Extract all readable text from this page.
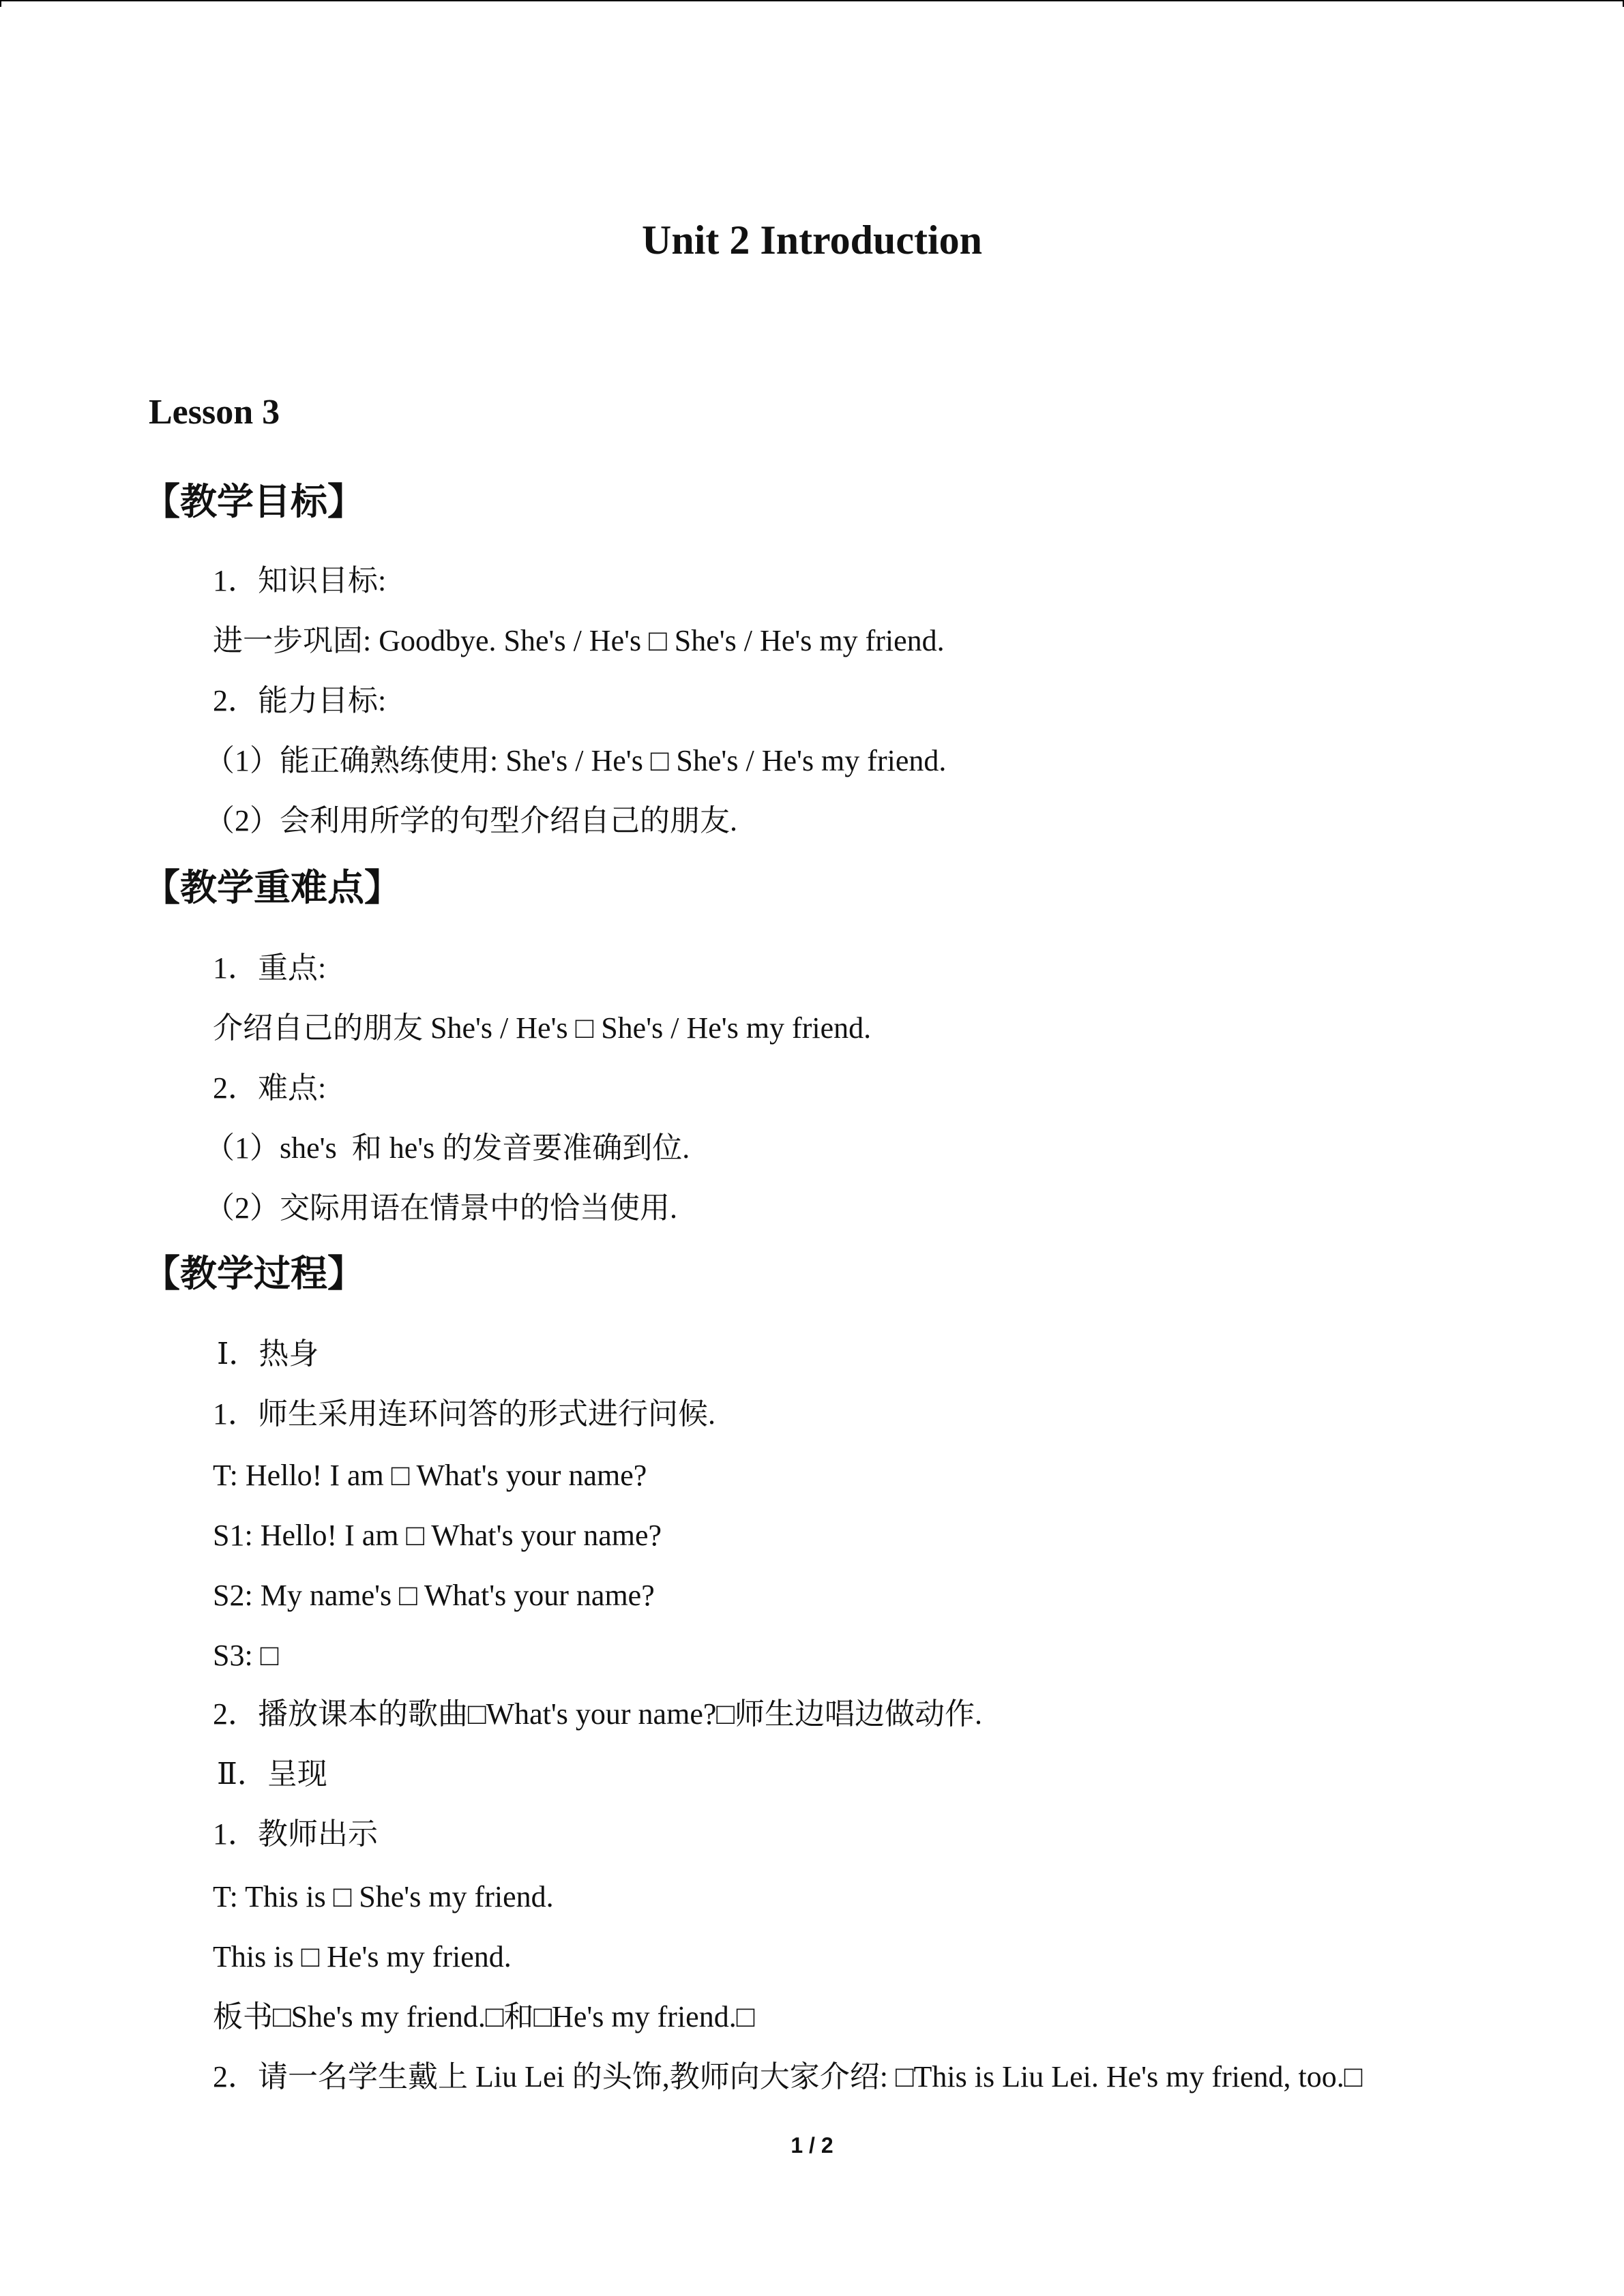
Unit 2 Introduction
Lesson 3
【教学目标】
1．知识目标:
进一步巩固: Goodbye. She's / He's □ She's / He's my friend.
2．能力目标:
（1）能正确熟练使用: She's / He's □ She's / He's my friend.
（2）会利用所学的句型介绍自己的朋友.
【教学重难点】
1．重点:
介绍自己的朋友 She's / He's □ She's / He's my friend.
2．难点:
（1）she's  和 he's 的发音要准确到位.
（2）交际用语在情景中的恰当使用.
【教学过程】
Ⅰ．热身
1．师生采用连环问答的形式进行问候.
T: Hello! I am □ What's your name?
S1: Hello! I am □ What's your name?
S2: My name's □ What's your name?
S3: □
2．播放课本的歌曲□What's your name?□师生边唱边做动作.
Ⅱ．呈现
1．教师出示
T: This is □ She's my friend.
This is □ He's my friend.
板书□She's my friend.□和□He's my friend.□
2．请一名学生戴上 Liu Lei 的头饰,教师向大家介绍: □This is Liu Lei. He's my friend, too.□
1 / 2
